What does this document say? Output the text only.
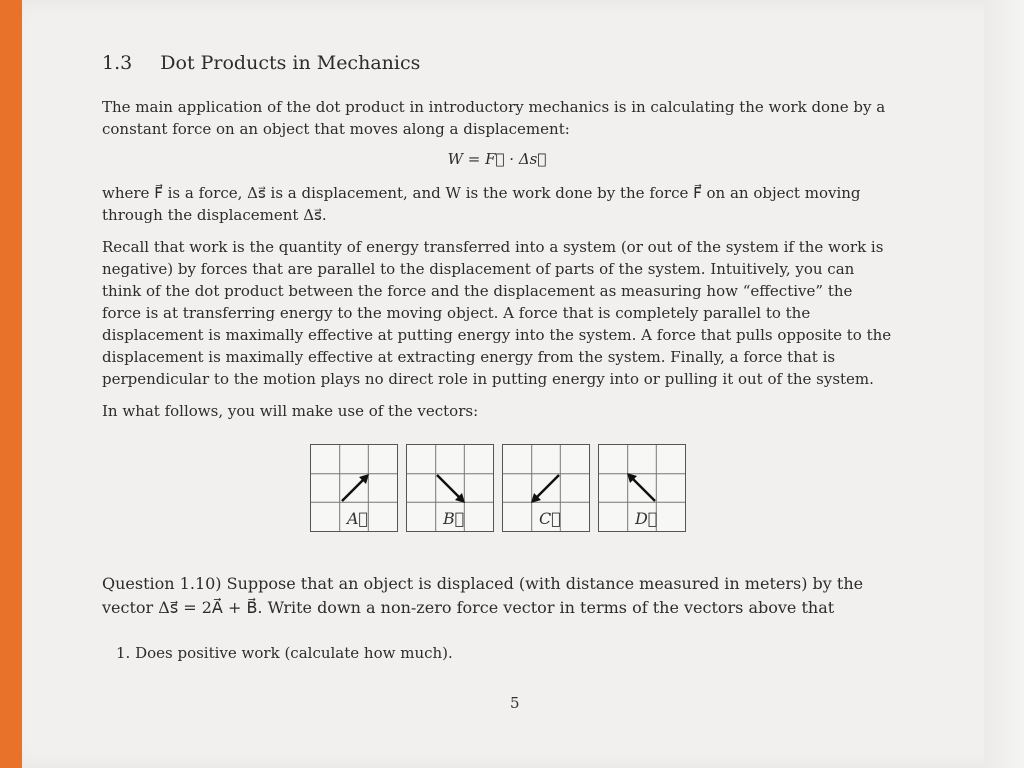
1.3 Dot Products in Mechanics

The main application of the dot product in introductory mechanics is in calculating the work done by a constant force on an object that moves along a displacement:

W = F⃗ · Δs⃗

where F⃗ is a force, Δs⃗ is a displacement, and W is the work done by the force F⃗ on an object moving through the displacement Δs⃗.

Recall that work is the quantity of energy transferred into a system (or out of the system if the work is negative) by forces that are parallel to the displacement of parts of the system. Intuitively, you can think of the dot product between the force and the displacement as measuring how “effective” the force is at transferring energy to the moving object. A force that is completely parallel to the displacement is maximally effective at putting energy into the system. A force that pulls opposite to the displacement is maximally effective at extracting energy from the system. Finally, a force that is perpendicular to the motion plays no direct role in putting energy into or pulling it out of the system.

In what follows, you will make use of the vectors:

A⃗	B⃗	C⃗	D⃗
Question 1.10) Suppose that an object is displaced (with distance measured in meters) by the vector Δs⃗ = 2A⃗ + B⃗. Write down a non-zero force vector in terms of the vectors above that
1. Does positive work (calculate how much).
5
